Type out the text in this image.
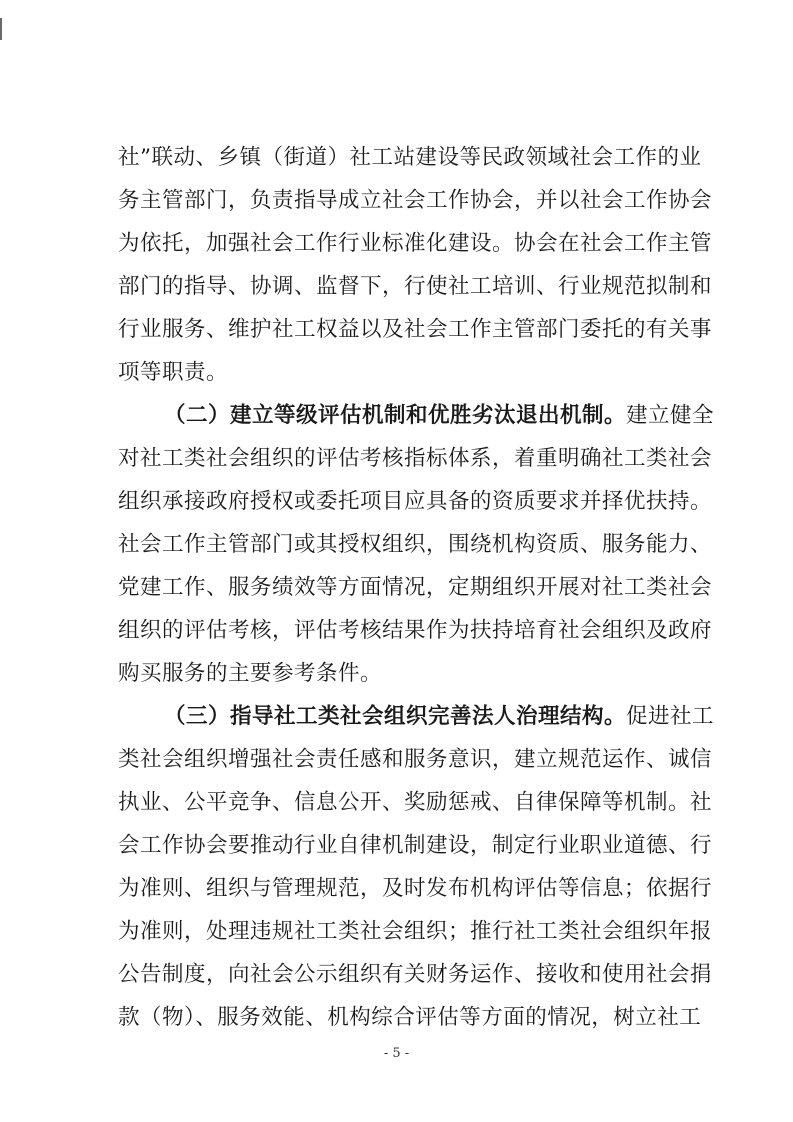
社”联动、乡镇（街道）社工站建设等民政领域社会工作的业
务主管部门，负责指导成立社会工作协会，并以社会工作协会
为依托，加强社会工作行业标准化建设。协会在社会工作主管
部门的指导、协调、监督下，行使社工培训、行业规范拟制和
行业服务、维护社工权益以及社会工作主管部门委托的有关事
项等职责。
（二）建立等级评估机制和优胜劣汰退出机制。建立健全
对社工类社会组织的评估考核指标体系，着重明确社工类社会
组织承接政府授权或委托项目应具备的资质要求并择优扶持。
社会工作主管部门或其授权组织，围绕机构资质、服务能力、
党建工作、服务绩效等方面情况，定期组织开展对社工类社会
组织的评估考核，评估考核结果作为扶持培育社会组织及政府
购买服务的主要参考条件。
（三）指导社工类社会组织完善法人治理结构。促进社工
类社会组织增强社会责任感和服务意识，建立规范运作、诚信
执业、公平竞争、信息公开、奖励惩戒、自律保障等机制。社
会工作协会要推动行业自律机制建设，制定行业职业道德、行
为准则、组织与管理规范，及时发布机构评估等信息；依据行
为准则，处理违规社工类社会组织；推行社工类社会组织年报
公告制度，向社会公示组织有关财务运作、接收和使用社会捐
款（物）、服务效能、机构综合评估等方面的情况，树立社工
- 5 -
